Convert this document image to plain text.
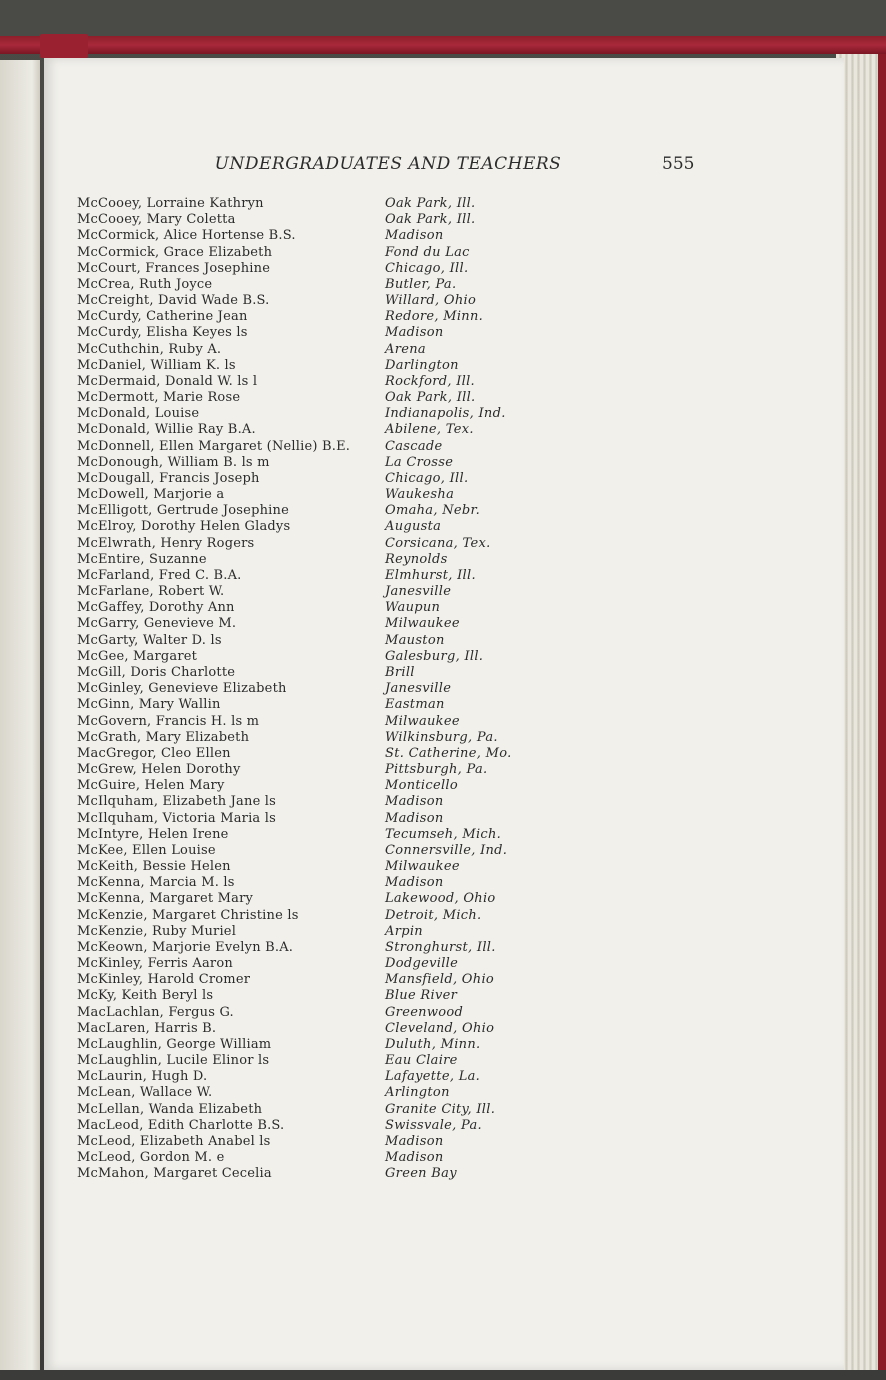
UNDERGRADUATES AND TEACHERS	555
McCooey, Lorraine Kathryn	Oak Park, Ill.
McCooey, Mary Coletta	Oak Park, Ill.
McCormick, Alice Hortense B.S.	Madison
McCormick, Grace Elizabeth	Fond du Lac
McCourt, Frances Josephine	Chicago, Ill.
McCrea, Ruth Joyce	Butler, Pa.
McCreight, David Wade B.S.	Willard, Ohio
McCurdy, Catherine Jean	Redore, Minn.
McCurdy, Elisha Keyes ls	Madison
McCuthchin, Ruby A.	Arena
McDaniel, William K. ls	Darlington
McDermaid, Donald W. ls l	Rockford, Ill.
McDermott, Marie Rose	Oak Park, Ill.
McDonald, Louise	Indianapolis, Ind.
McDonald, Willie Ray B.A.	Abilene, Tex.
McDonnell, Ellen Margaret (Nellie) B.E.	Cascade
McDonough, William B. ls m	La Crosse
McDougall, Francis Joseph	Chicago, Ill.
McDowell, Marjorie a	Waukesha
McElligott, Gertrude Josephine	Omaha, Nebr.
McElroy, Dorothy Helen Gladys	Augusta
McElwrath, Henry Rogers	Corsicana, Tex.
McEntire, Suzanne	Reynolds
McFarland, Fred C. B.A.	Elmhurst, Ill.
McFarlane, Robert W.	Janesville
McGaffey, Dorothy Ann	Waupun
McGarry, Genevieve M.	Milwaukee
McGarty, Walter D. ls	Mauston
McGee, Margaret	Galesburg, Ill.
McGill, Doris Charlotte	Brill
McGinley, Genevieve Elizabeth	Janesville
McGinn, Mary Wallin	Eastman
McGovern, Francis H. ls m	Milwaukee
McGrath, Mary Elizabeth	Wilkinsburg, Pa.
MacGregor, Cleo Ellen	St. Catherine, Mo.
McGrew, Helen Dorothy	Pittsburgh, Pa.
McGuire, Helen Mary	Monticello
McIlquham, Elizabeth Jane ls	Madison
McIlquham, Victoria Maria ls	Madison
McIntyre, Helen Irene	Tecumseh, Mich.
McKee, Ellen Louise	Connersville, Ind.
McKeith, Bessie Helen	Milwaukee
McKenna, Marcia M. ls	Madison
McKenna, Margaret Mary	Lakewood, Ohio
McKenzie, Margaret Christine ls	Detroit, Mich.
McKenzie, Ruby Muriel	Arpin
McKeown, Marjorie Evelyn B.A.	Stronghurst, Ill.
McKinley, Ferris Aaron	Dodgeville
McKinley, Harold Cromer	Mansfield, Ohio
McKy, Keith Beryl ls	Blue River
MacLachlan, Fergus G.	Greenwood
MacLaren, Harris B.	Cleveland, Ohio
McLaughlin, George William	Duluth, Minn.
McLaughlin, Lucile Elinor ls	Eau Claire
McLaurin, Hugh D.	Lafayette, La.
McLean, Wallace W.	Arlington
McLellan, Wanda Elizabeth	Granite City, Ill.
MacLeod, Edith Charlotte B.S.	Swissvale, Pa.
McLeod, Elizabeth Anabel ls	Madison
McLeod, Gordon M. e	Madison
McMahon, Margaret Cecelia	Green Bay
